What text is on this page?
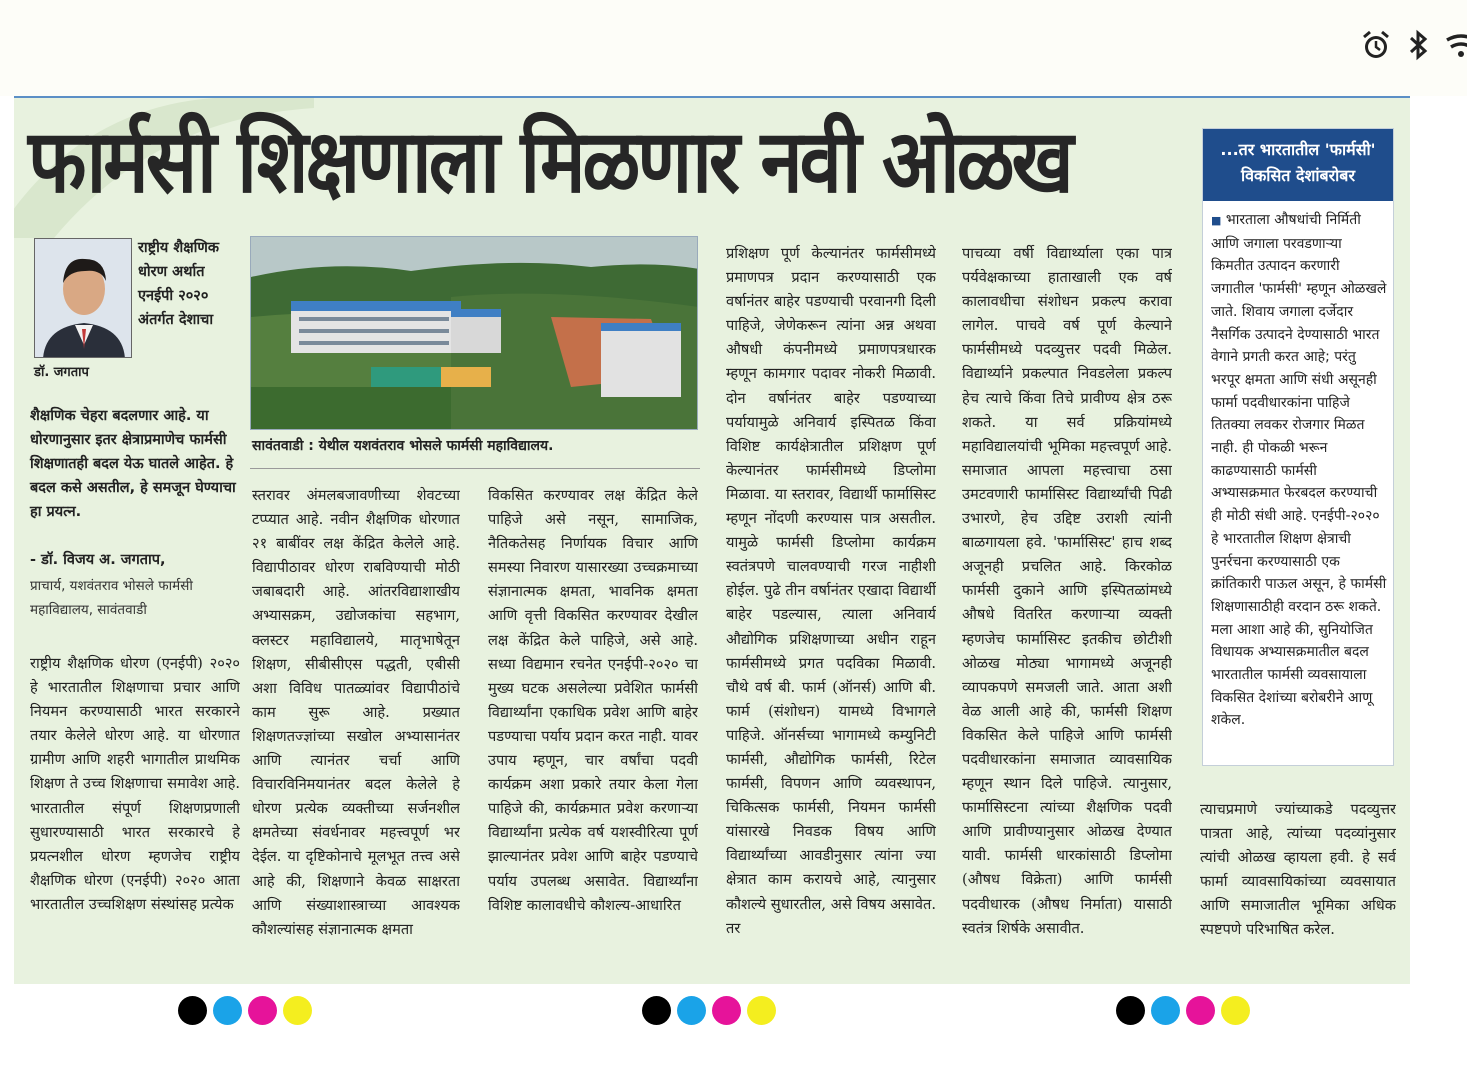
फार्मसी शिक्षणाला मिळणार नवी ओळख
डॉ. जगताप
राष्ट्रीय शैक्षणिक धोरण अर्थात एनईपी २०२० अंतर्गत देशाचा
शैक्षणिक चेहरा बदलणार आहे. या धोरणानुसार इतर क्षेत्राप्रमाणेच फार्मसी शिक्षणातही बदल येऊ घातले आहेत. हे बदल कसे असतील, हे समजून घेण्याचा हा प्रयत्न.
- डॉ. विजय अ. जगताप,
प्राचार्य, यशवंतराव भोसले फार्मसी महाविद्यालय, सावंतवाडी
सावंतवाडी : येथील यशवंतराव भोसले फार्मसी महाविद्यालय.
राष्ट्रीय शैक्षणिक धोरण (एनईपी) २०२० हे भारतातील शिक्षणाचा प्रचार आणि नियमन करण्यासाठी भारत सरकारने तयार केलेले धोरण आहे. या धोरणात ग्रामीण आणि शहरी भागातील प्राथमिक शिक्षण ते उच्च शिक्षणाचा समावेश आहे. भारतातील संपूर्ण शिक्षणप्रणाली सुधारण्यासाठी भारत सरकारचे हे प्रयत्नशील धोरण म्हणजेच राष्ट्रीय शैक्षणिक धोरण (एनईपी) २०२० आता भारतातील उच्चशिक्षण संस्थांसह प्रत्येक
स्तरावर अंमलबजावणीच्या शेवटच्या टप्प्यात आहे. नवीन शैक्षणिक धोरणात २१ बाबींवर लक्ष केंद्रित केलेले आहे. विद्यापीठावर धोरण राबविण्याची मोठी जबाबदारी आहे. आंतरविद्याशाखीय अभ्यासक्रम, उद्योजकांचा सहभाग, क्लस्टर महाविद्यालये, मातृभाषेतून शिक्षण, सीबीसीएस पद्धती, एबीसी अशा विविध पातळ्यांवर विद्यापीठांचे काम सुरू आहे. प्रख्यात शिक्षणतज्ज्ञांच्या सखोल अभ्यासानंतर आणि त्यानंतर चर्चा आणि विचारविनिमयानंतर बदल केलेले हे धोरण प्रत्येक व्यक्तीच्या सर्जनशील क्षमतेच्या संवर्धनावर महत्त्वपूर्ण भर देईल. या दृष्टिकोनाचे मूलभूत तत्त्व असे आहे की, शिक्षणाने केवळ साक्षरता आणि संख्याशास्त्राच्या आवश्यक कौशल्यांसह संज्ञानात्मक क्षमता
विकसित करण्यावर लक्ष केंद्रित केले पाहिजे असे नसून, सामाजिक, नैतिकतेसह निर्णायक विचार आणि समस्या निवारण यासारख्या उच्चक्रमाच्या संज्ञानात्मक क्षमता, भावनिक क्षमता आणि वृत्ती विकसित करण्यावर देखील लक्ष केंद्रित केले पाहिजे, असे आहे. सध्या विद्यमान रचनेत एनईपी-२०२० चा मुख्य घटक असलेल्या प्रवेशित फार्मसी विद्यार्थ्यांना एकाधिक प्रवेश आणि बाहेर पडण्याचा पर्याय प्रदान करत नाही. यावर उपाय म्हणून, चार वर्षांचा पदवी कार्यक्रम अशा प्रकारे तयार केला गेला पाहिजे की, कार्यक्रमात प्रवेश करणाऱ्या विद्यार्थ्यांना प्रत्येक वर्ष यशस्वीरित्या पूर्ण झाल्यानंतर प्रवेश आणि बाहेर पडण्याचे पर्याय उपलब्ध असावेत. विद्यार्थ्यांना विशिष्ट कालावधीचे कौशल्य-आधारित
प्रशिक्षण पूर्ण केल्यानंतर फार्मसीमध्ये प्रमाणपत्र प्रदान करण्यासाठी एक वर्षानंतर बाहेर पडण्याची परवानगी दिली पाहिजे, जेणेकरून त्यांना अन्न अथवा औषधी कंपनीमध्ये प्रमाणपत्रधारक म्हणून कामगार पदावर नोकरी मिळावी. दोन वर्षानंतर बाहेर पडण्याच्या पर्यायामुळे अनिवार्य इस्पितळ किंवा विशिष्ट कार्यक्षेत्रातील प्रशिक्षण पूर्ण केल्यानंतर फार्मसीमध्ये डिप्लोमा मिळावा. या स्तरावर, विद्यार्थी फार्मासिस्ट म्हणून नोंदणी करण्यास पात्र असतील. यामुळे फार्मसी डिप्लोमा कार्यक्रम स्वतंत्रपणे चालवण्याची गरज नाहीशी होईल. पुढे तीन वर्षानंतर एखादा विद्यार्थी बाहेर पडल्यास, त्याला अनिवार्य औद्योगिक प्रशिक्षणाच्या अधीन राहून फार्मसीमध्ये प्रगत पदविका मिळावी. चौथे वर्ष बी. फार्म (ऑनर्स) आणि बी. फार्म (संशोधन) यामध्ये विभागले पाहिजे. ऑनर्सच्या भागामध्ये कम्युनिटी फार्मसी, औद्योगिक फार्मसी, रिटेल फार्मसी, विपणन आणि व्यवस्थापन, चिकित्सक फार्मसी, नियमन फार्मसी यांसारखे निवडक विषय आणि विद्यार्थ्यांच्या आवडीनुसार त्यांना ज्या क्षेत्रात काम करायचे आहे, त्यानुसार कौशल्ये सुधारतील, असे विषय असावेत. तर
पाचव्या वर्षी विद्यार्थ्याला एका पात्र पर्यवेक्षकाच्या हाताखाली एक वर्ष कालावधीचा संशोधन प्रकल्प करावा लागेल. पाचवे वर्ष पूर्ण केल्याने फार्मसीमध्ये पदव्युत्तर पदवी मिळेल. विद्यार्थ्याने प्रकल्पात निवडलेला प्रकल्प हेच त्याचे किंवा तिचे प्रावीण्य क्षेत्र ठरू शकते. या सर्व प्रक्रियांमध्ये महाविद्यालयांची भूमिका महत्त्वपूर्ण आहे. समाजात आपला महत्त्वाचा ठसा उमटवणारी फार्मासिस्ट विद्यार्थ्यांची पिढी उभारणे, हेच उद्दिष्ट उराशी त्यांनी बाळगायला हवे. 'फार्मासिस्ट' हाच शब्द अजूनही प्रचलित आहे. किरकोळ फार्मसी दुकाने आणि इस्पितळांमध्ये औषधे वितरित करणाऱ्या व्यक्ती म्हणजेच फार्मासिस्ट इतकीच छोटीशी ओळख मोठ्या भागामध्ये अजूनही व्यापकपणे समजली जाते. आता अशी वेळ आली आहे की, फार्मसी शिक्षण विकसित केले पाहिजे आणि फार्मसी पदवीधारकांना समाजात व्यावसायिक म्हणून स्थान दिले पाहिजे. त्यानुसार, फार्मासिस्टना त्यांच्या शैक्षणिक पदवी आणि प्रावीण्यानुसार ओळख देण्यात यावी. फार्मसी धारकांसाठी डिप्लोमा (औषध विक्रेता) आणि फार्मसी पदवीधारक (औषध निर्माता) यासाठी स्वतंत्र शिर्षके असावीत.
...तर भारतातील 'फार्मसी'
विकसित देशांबरोबर
■ भारताला औषधांची निर्मिती आणि जगाला परवडणाऱ्या किमतीत उत्पादन करणारी जगातील 'फार्मसी' म्हणून ओळखले जाते. शिवाय जगाला दर्जेदार नैसर्गिक उत्पादने देण्यासाठी भारत वेगाने प्रगती करत आहे; परंतु भरपूर क्षमता आणि संधी असूनही फार्मा पदवीधारकांना पाहिजे तितक्या लवकर रोजगार मिळत नाही. ही पोकळी भरून काढण्यासाठी फार्मसी अभ्यासक्रमात फेरबदल करण्याची ही मोठी संधी आहे. एनईपी-२०२० हे भारतातील शिक्षण क्षेत्राची पुनर्रचना करण्यासाठी एक क्रांतिकारी पाऊल असून, हे फार्मसी शिक्षणासाठीही वरदान ठरू शकते. मला आशा आहे की, सुनियोजित विधायक अभ्यासक्रमातील बदल भारतातील फार्मसी व्यवसायाला विकसित देशांच्या बरोबरीने आणू शकेल.
त्याचप्रमाणे ज्यांच्याकडे पदव्युत्तर पात्रता आहे, त्यांच्या पदव्यांनुसार त्यांची ओळख व्हायला हवी. हे सर्व फार्मा व्यावसायिकांच्या व्यवसायात आणि समाजातील भूमिका अधिक स्पष्टपणे परिभाषित करेल.
